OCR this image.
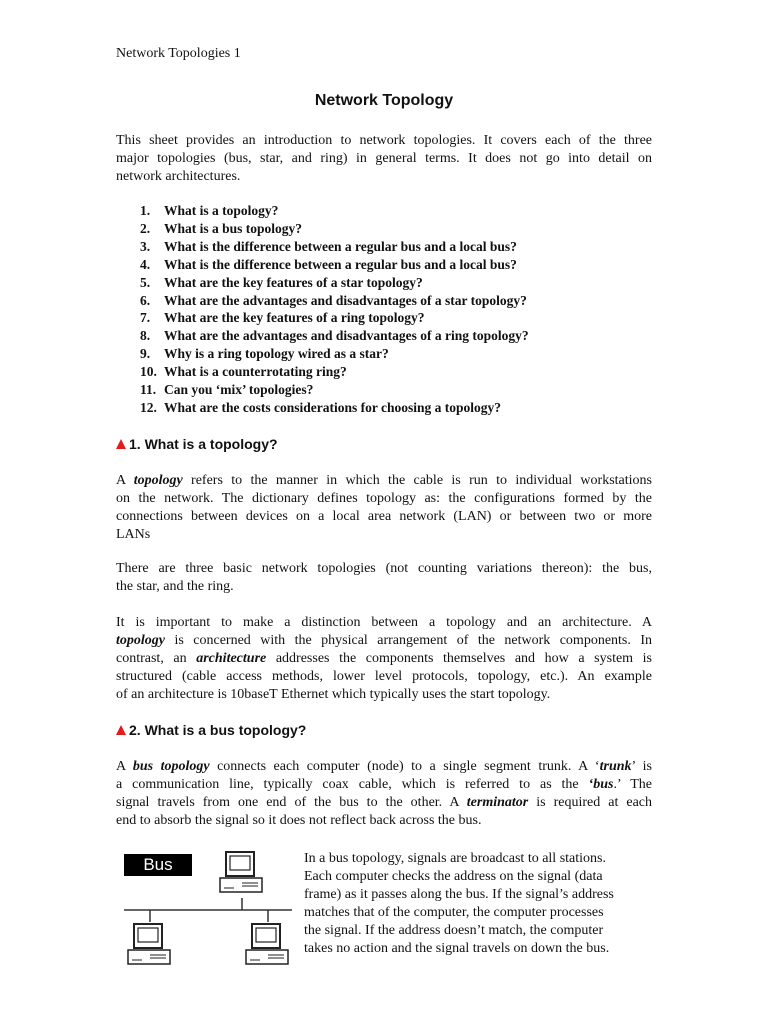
Network Topologies 1
Network Topology
This sheet provides an introduction to network topologies. It covers each of the three
major topologies (bus, star, and ring) in general terms. It does not go into detail on
network architectures.
1. What is a topology?
2. What is a bus topology?
3. What is the difference between a regular bus and a local bus?
4. What is the difference between a regular bus and a local bus?
5. What are the key features of a star topology?
6. What are the advantages and disadvantages of a star topology?
7. What are the key features of a ring topology?
8. What are the advantages and disadvantages of a ring topology?
9. Why is a ring topology wired as a star?
10. What is a counterrotating ring?
11. Can you ‘mix’ topologies?
12. What are the costs considerations for choosing a topology?
1. What is a topology?
A topology refers to the manner in which the cable is run to individual workstations
on the network. The dictionary defines topology as: the configurations formed by the
connections between devices on a local area network (LAN) or between two or more
LANs
There are three basic network topologies (not counting variations thereon): the bus,
the star, and the ring.
It is important to make a distinction between a topology and an architecture. A
topology is concerned with the physical arrangement of the network components. In
contrast, an architecture addresses the components themselves and how a system is
structured (cable access methods, lower level protocols, topology, etc.). An example
of an architecture is 10baseT Ethernet which typically uses the start topology.
2. What is a bus topology?
A bus topology connects each computer (node) to a single segment trunk. A ‘trunk’ is
a communication line, typically coax cable, which is referred to as the ‘bus.’ The
signal travels from one end of the bus to the other. A terminator is required at each
end to absorb the signal so it does not reflect back across the bus.
Bus	In a bus topology, signals are broadcast to all stations.
Each computer checks the address on the signal (data
frame) as it passes along the bus. If the signal’s address
matches that of the computer, the computer processes
the signal. If the address doesn’t match, the computer
takes no action and the signal travels on down the bus.
